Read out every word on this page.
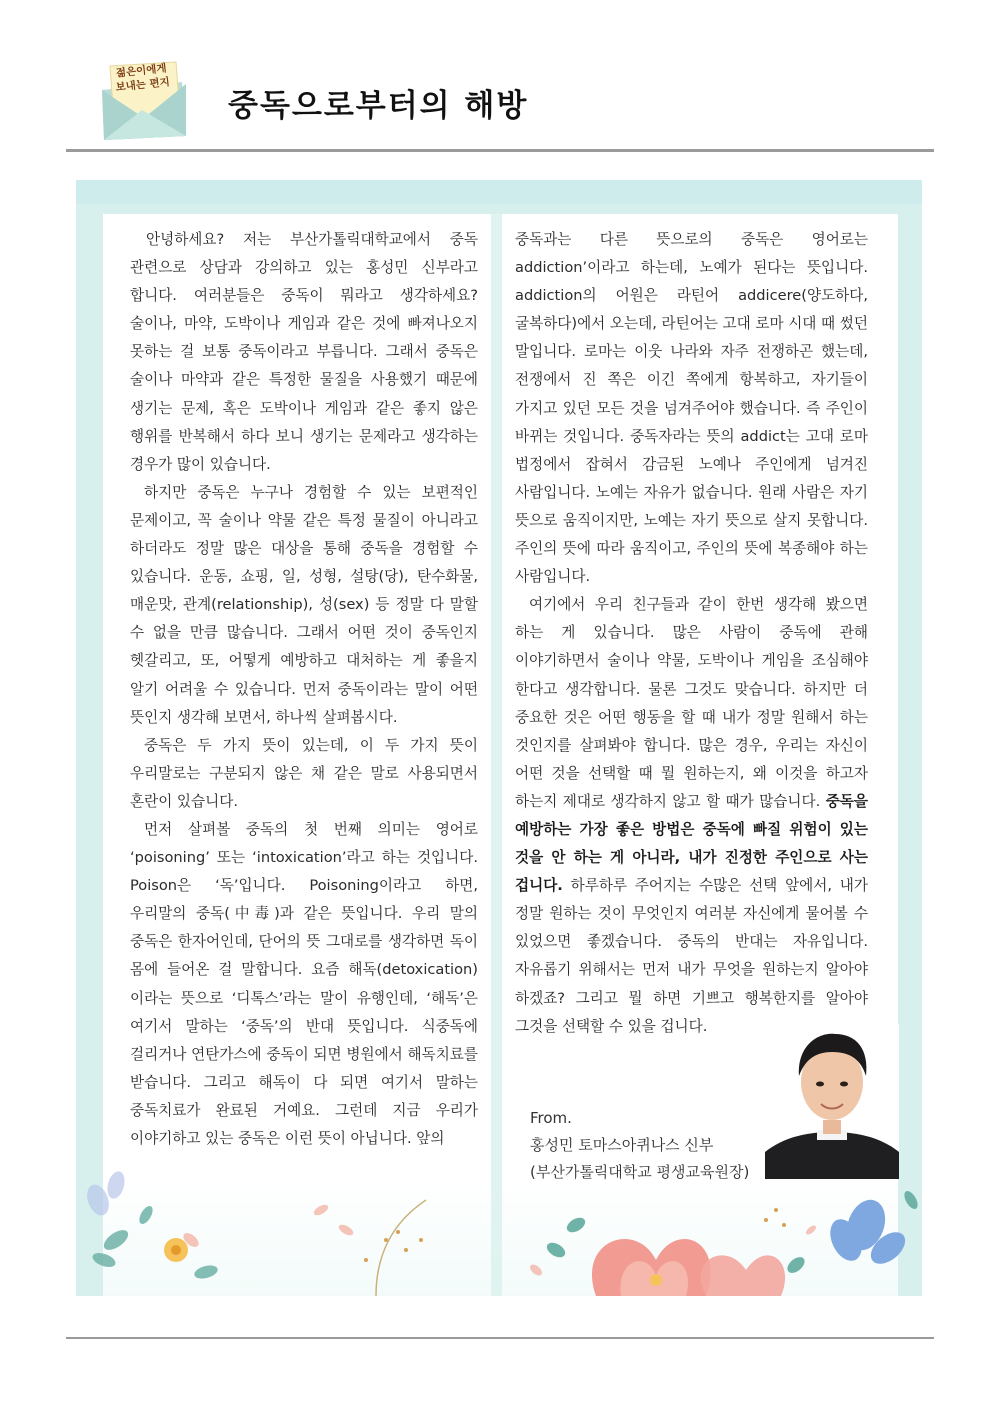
젊은이에게
보내는 편지
중독으로부터의 해방

안녕하세요? 저는 부산가톨릭대학교에서 중독 관련으로 상담과 강의하고 있는 홍성민 신부라고 합니다. 여러분들은 중독이 뭐라고 생각하세요? 술이나, 마약, 도박이나 게임과 같은 것에 빠져나오지 못하는 걸 보통 중독이라고 부릅니다. 그래서 중독은 술이나 마약과 같은 특정한 물질을 사용했기 때문에 생기는 문제, 혹은 도박이나 게임과 같은 좋지 않은 행위를 반복해서 하다 보니 생기는 문제라고 생각하는 경우가 많이 있습니다.

하지만 중독은 누구나 경험할 수 있는 보편적인 문제이고, 꼭 술이나 약물 같은 특정 물질이 아니라고 하더라도 정말 많은 대상을 통해 중독을 경험할 수 있습니다. 운동, 쇼핑, 일, 성형, 설탕(당), 탄수화물, 매운맛, 관계(relationship), 성(sex) 등 정말 다 말할 수 없을 만큼 많습니다. 그래서 어떤 것이 중독인지 헷갈리고, 또, 어떻게 예방하고 대처하는 게 좋을지 알기 어려울 수 있습니다. 먼저 중독이라는 말이 어떤 뜻인지 생각해 보면서, 하나씩 살펴봅시다.

중독은 두 가지 뜻이 있는데, 이 두 가지 뜻이 우리말로는 구분되지 않은 채 같은 말로 사용되면서 혼란이 있습니다.

먼저 살펴볼 중독의 첫 번째 의미는 영어로 ‘poisoning’ 또는 ‘intoxication’라고 하는 것입니다. Poison은 ‘독’입니다. Poisoning이라고 하면, 우리말의 중독(中毒)과 같은 뜻입니다. 우리 말의 중독은 한자어인데, 단어의 뜻 그대로를 생각하면 독이 몸에 들어온 걸 말합니다. 요즘 해독(detoxication)이라는 뜻으로 ‘디톡스’라는 말이 유행인데, ‘해독’은 여기서 말하는 ‘중독’의 반대 뜻입니다. 식중독에 걸리거나 연탄가스에 중독이 되면 병원에서 해독치료를 받습니다. 그리고 해독이 다 되면 여기서 말하는 중독치료가 완료된 거예요. 그런데 지금 우리가 이야기하고 있는 중독은 이런 뜻이 아닙니다. 앞의

중독과는 다른 뜻으로의 중독은 영어로는 addiction’이라고 하는데, 노예가 된다는 뜻입니다. addiction의 어원은 라틴어 addicere(양도하다, 굴복하다)에서 오는데, 라틴어는 고대 로마 시대 때 썼던 말입니다. 로마는 이웃 나라와 자주 전쟁하곤 했는데, 전쟁에서 진 쪽은 이긴 쪽에게 항복하고, 자기들이 가지고 있던 모든 것을 넘겨주어야 했습니다. 즉 주인이 바뀌는 것입니다. 중독자라는 뜻의 addict는 고대 로마 법정에서 잡혀서 감금된 노예나 주인에게 넘겨진 사람입니다. 노예는 자유가 없습니다. 원래 사람은 자기 뜻으로 움직이지만, 노예는 자기 뜻으로 살지 못합니다. 주인의 뜻에 따라 움직이고, 주인의 뜻에 복종해야 하는 사람입니다.

여기에서 우리 친구들과 같이 한번 생각해 봤으면 하는 게 있습니다. 많은 사람이 중독에 관해 이야기하면서 술이나 약물, 도박이나 게임을 조심해야 한다고 생각합니다. 물론 그것도 맞습니다. 하지만 더 중요한 것은 어떤 행동을 할 때 내가 정말 원해서 하는 것인지를 살펴봐야 합니다. 많은 경우, 우리는 자신이 어떤 것을 선택할 때 뭘 원하는지, 왜 이것을 하고자 하는지 제대로 생각하지 않고 할 때가 많습니다. 중독을 예방하는 가장 좋은 방법은 중독에 빠질 위험이 있는 것을 안 하는 게 아니라, 내가 진정한 주인으로 사는 겁니다. 하루하루 주어지는 수많은 선택 앞에서, 내가 정말 원하는 것이 무엇인지 여러분 자신에게 물어볼 수 있었으면 좋겠습니다. 중독의 반대는 자유입니다. 자유롭기 위해서는 먼저 내가 무엇을 원하는지 알아야 하겠죠? 그리고 뭘 하면 기쁘고 행복한지를 알아야 그것을 선택할 수 있을 겁니다.

From.
홍성민 토마스아퀴나스 신부
(부산가톨릭대학교 평생교육원장)
